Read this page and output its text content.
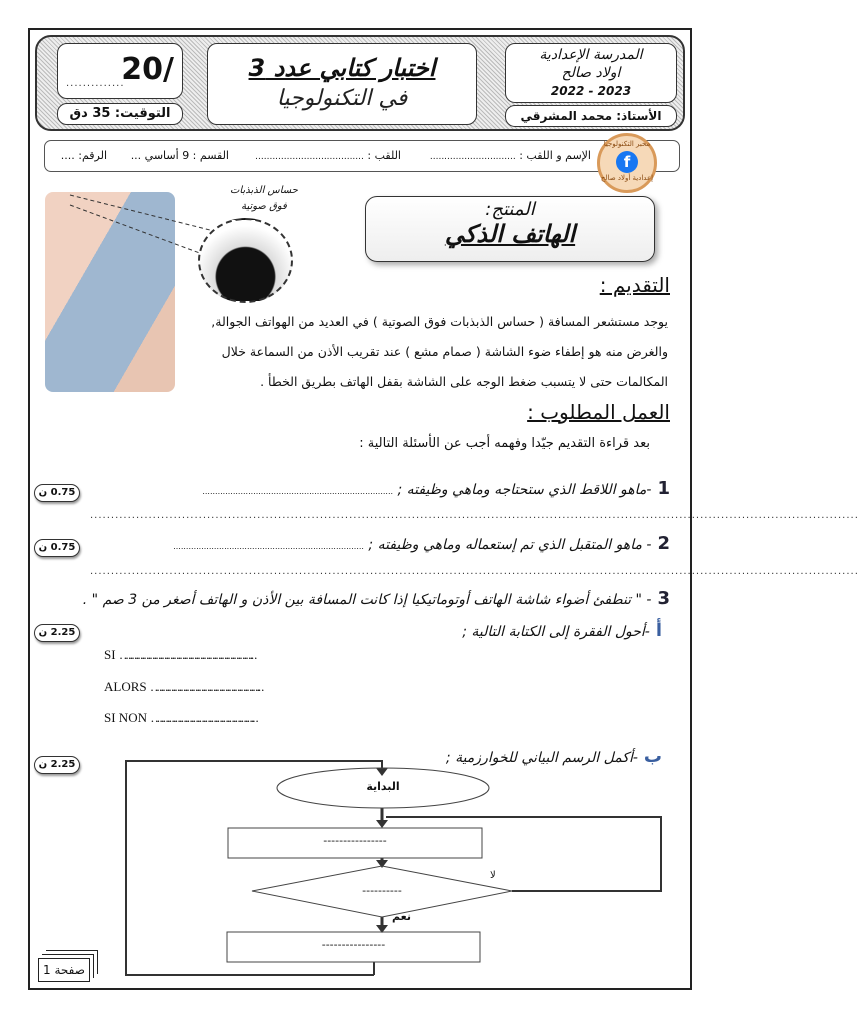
/20
..............
التوقيت: 35 دق
اختبار كتابي عدد 3
في التكنولوجيا
المدرسة الإعدادية
اولاد صالح
2023 - 2022
الأستاذ: محمد المشرقي
الإسم و اللقب : ..............................
اللقب : ......................................
القسم : 9 أساسي ...
الرقم: ....
مخبر التكنولوجيا
f
إعدادية أولاد صالح
المنتج:
الهاتف الذكي
حساس الذبذبات
فوق صوتية
التقديم :
يوجد مستشعر المسافة ( حساس الذبذبات فوق الصوتية ) في العديد من الهواتف الجوالة,
والغرض منه هو إطفاء ضوء الشاشة ( صمام مشع ) عند تقريب الأذن من السماعة خلال
المكالمات حتى لا يتسبب ضغط الوجه على الشاشة بقفل الهاتف بطريق الخطأ .
العمل المطلوب :
بعد قراءة التقديم جيّدا وفهمه أجب عن الأسئلة التالية :
1-ماهو اللاقط الذي ستحتاجه وماهي وظيفته ; ...........................................................................
0.75 ن
........................................................................................................................................................................................
2- ماهو المتقبل الذي تم إستعماله وماهي وظيفته ; ...........................................................................
0.75 ن
........................................................................................................................................................................................
3- " تنطفئ أضواء شاشة الهاتف أوتوماتيكيا إذا كانت المسافة بين الأذن و الهاتف أصغر من 3 صم " .
أ-أحول الفقرة إلى الكتابة التالية ;
2.25 ن
SI ………………………………………………………….
ALORS ……………………………………………….
SI NON …………………………………………….
ب-أكمل الرسم البياني للخوارزمية ;
2.25 ن
البداية
----------------
----------
لا
نعم
----------------
صفحة 1
